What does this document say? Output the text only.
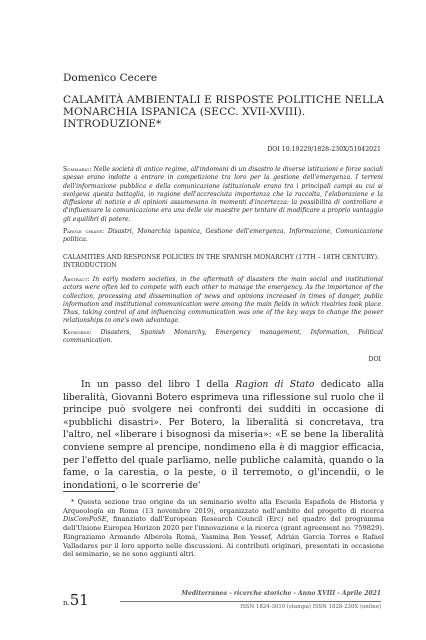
Domenico Cecere
CALAMITÀ AMBIENTALI E RISPOSTE POLITICHE NELLA MONARCHIA ISPANICA (SECC. XVII-XVIII). INTRODUZIONE*
DOI 10.19229/1828-230X/51042021
Sommario: Nelle società di antico regime, all'indomani di un disastro le diverse istituzioni e forze sociali spesso erano indotte a entrare in competizione tra loro per la gestione dell'emergenza. I terreni dell'informazione pubblica e della comunicazione istituzionale erano tra i principali campi su cui si svolgeva questa battaglia, in ragione dell'accresciuta importanza che la raccolta, l'elaborazione e la diffusione di notizie e di opinioni assumevano in momenti d'incertezza: la possibilità di controllare e d'influenzare la comunicazione era una delle vie maestre per tentare di modificare a proprio vantaggio gli equilibri di potere.
Parole chiave: Disastri, Monarchia ispanica, Gestione dell'emergenza, Informazione, Comunicazione politica.
CALAMITIES AND RESPONSE POLICIES IN THE SPANISH MONARCHY (17TH – 18TH CENTURY). INTRODUCTION
Abstract: In early modern societies, in the aftermath of disasters the main social and institutional actors were often led to compete with each other to manage the emergency. As the importance of the collection, processing and dissemination of news and opinions increased in times of danger, public information and institutional communication were among the main fields in which rivalries took place. Thus, taking control of and influencing communication was one of the key ways to change the power relationships to one's own advantage.
Keywords: Disasters, Spanish Monarchy, Emergency management, Information, Political communication.
DOI
In un passo del libro I della Ragion di Stato dedicato alla liberalità, Giovanni Botero esprimeva una riflessione sul ruolo che il principe può svolgere nei confronti dei sudditi in occasione di «pubblichi disastri». Per Botero, la liberalità si concretava, tra l'altro, nel «liberare i bisognosi da miseria»: «E se bene la liberalità conviene sempre al prencipe, nondimeno ella è di maggior efficacia, per l'effetto del quale parliamo, nelle publiche calamità, quando o la fame, o la carestia, o la peste, o il terremoto, o gl'incendii, o le inondationi, o le scorrerie de'
* Questa sezione trae origine da un seminario svolto alla Escuela Española de Historia y Arqueología en Roma (13 novembre 2019), organizzato nell'ambito del progetto di ricerca DisComPoSE, finanziato dall'European Research Council (Erc) nel quadro del programma dell'Unione Europea Horizon 2020 per l'innovazione e la ricerca (grant agreement no. 759829). Ringraziamo Armando Alberola Romá, Yasmina Ben Yessef, Adrián García Torres e Rafael Valladares per il loro apporto nelle discussioni. Ai contributi originari, presentati in occasione del seminario, se ne sono aggiunti altri.
n.51	Mediterranea - ricerche storiche - Anno XVIII - Aprile 2021
ISSN 1824-3010 (stampa) ISSN 1828-230X (online)
